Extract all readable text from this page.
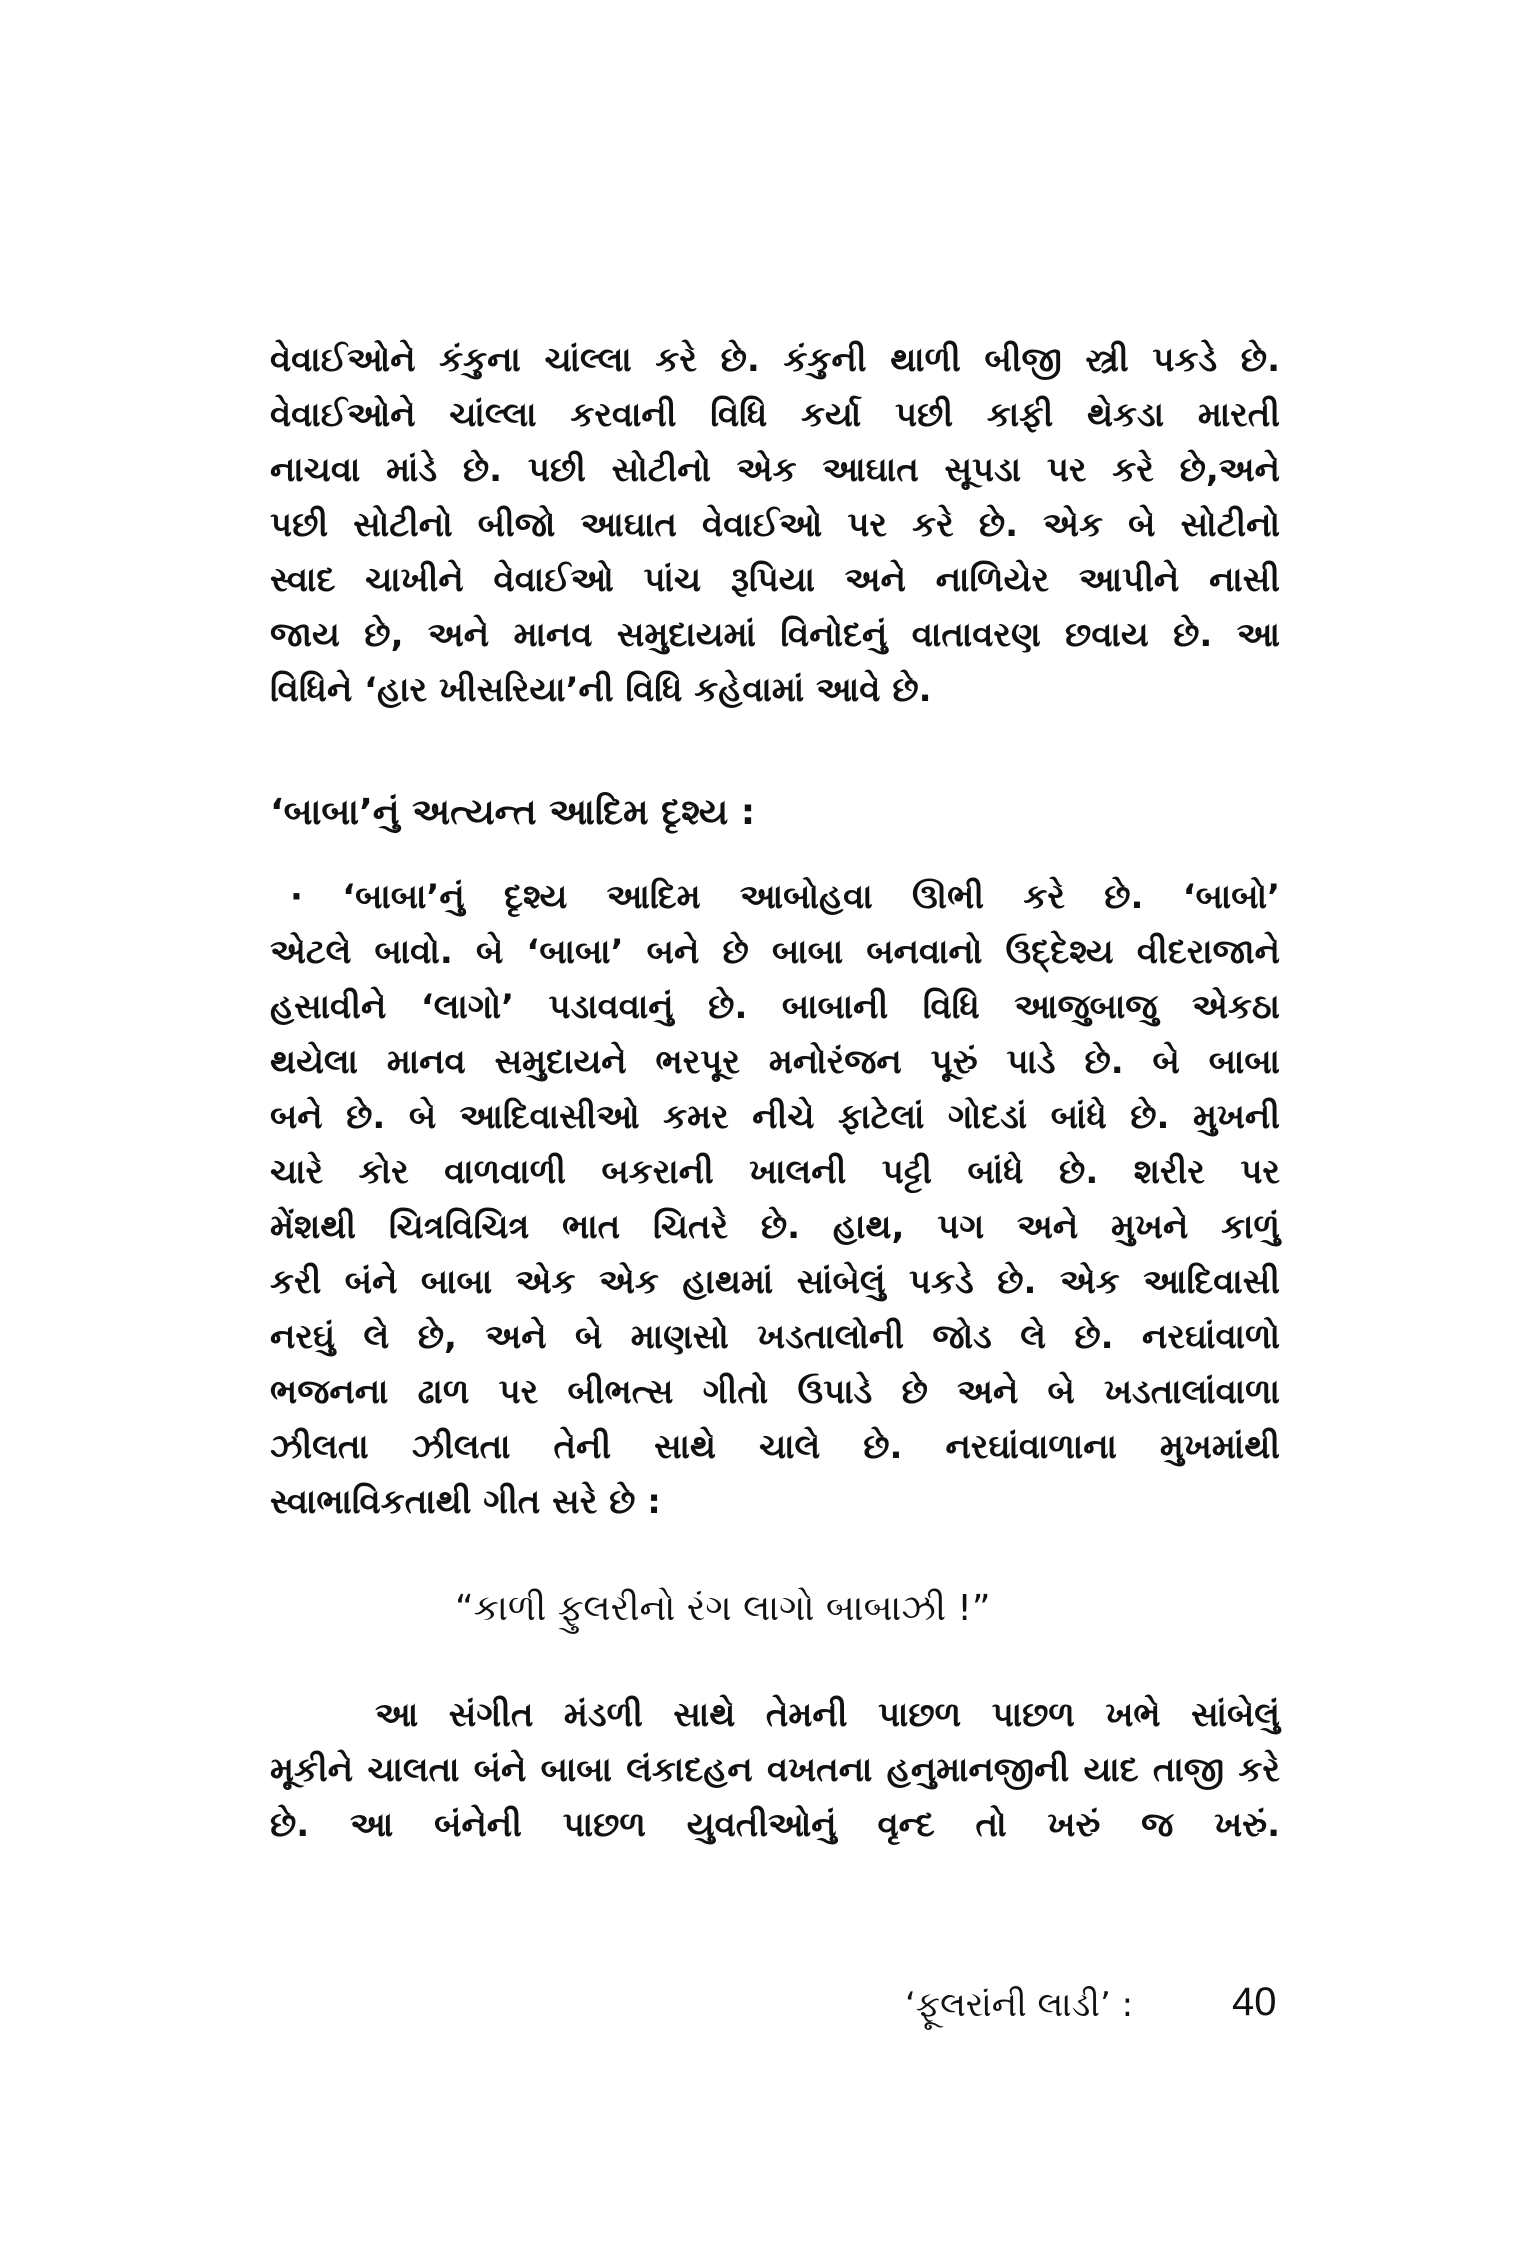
વેવાઈઓને કંકુના ચાંલ્લા કરે છે. કંકુની થાળી બીજી સ્ત્રી પકડે છે.
વેવાઈઓને ચાંલ્લા કરવાની વિધિ કર્યા પછી કાફી થેકડા મારતી
નાચવા માંડે છે. પછી સોટીનો એક આઘાત સૂપડા પર કરે છે,અને
પછી સોટીનો બીજો આઘાત વેવાઈઓ પર કરે છે. એક બે સોટીનો
સ્વાદ ચાખીને વેવાઈઓ પાંચ રૂપિયા અને નાળિયેર આપીને નાસી
જાય છે, અને માનવ સમુદાયમાં વિનોદનું વાતાવરણ છવાય છે. આ
વિધિને ‘હાર ખીસરિયા’ની વિધિ કહેવામાં આવે છે.
‘બાબા’નું અત્યન્ત આદિમ દૃશ્ય :
· ‘બાબા’નું દૃશ્ય આદિમ આબોહવા ઊભી કરે છે. ‘બાબો’
એટલે બાવો. બે ‘બાબા’ બને છે બાબા બનવાનો ઉદ્દેશ્ય વીદરાજાને
હસાવીને ‘લાગો’ પડાવવાનું છે. બાબાની વિધિ આજુબાજુ એકઠા
થયેલા માનવ સમુદાયને ભરપૂર મનોરંજન પૂરું પાડે છે. બે બાબા
બને છે. બે આદિવાસીઓ કમર નીચે ફાટેલાં ગોદડાં બાંધે છે. મુખની
ચારે કોર વાળવાળી બકરાની ખાલની પટ્ટી બાંધે છે. શરીર પર
મેંશથી ચિત્રવિચિત્ર ભાત ચિતરે છે. હાથ, પગ અને મુખને કાળું
કરી બંને બાબા એક એક હાથમાં સાંબેલું પકડે છે. એક આદિવાસી
નરઘું લે છે, અને બે માણસો ખડતાલોની જોડ લે છે. નરઘાંવાળો
ભજનના ઢાળ પર બીભત્સ ગીતો ઉપાડે છે અને બે ખડતાલાંવાળા
ઝીલતા ઝીલતા તેની સાથે ચાલે છે. નરઘાંવાળાના મુખમાંથી
સ્વાભાવિકતાથી ગીત સરે છે :
“કાળી ફુલરીનો રંગ લાગો બાબાઝી !”
આ સંગીત મંડળી સાથે તેમની પાછળ પાછળ ખભે સાંબેલું
મૂકીને ચાલતા બંને બાબા લંકાદહન વખતના હનુમાનજીની યાદ તાજી કરે
છે. આ બંનેની પાછળ યુવતીઓનું વૃન્દ તો ખરું જ ખરું.
‘ફૂલરાંની લાડી’ : 40
